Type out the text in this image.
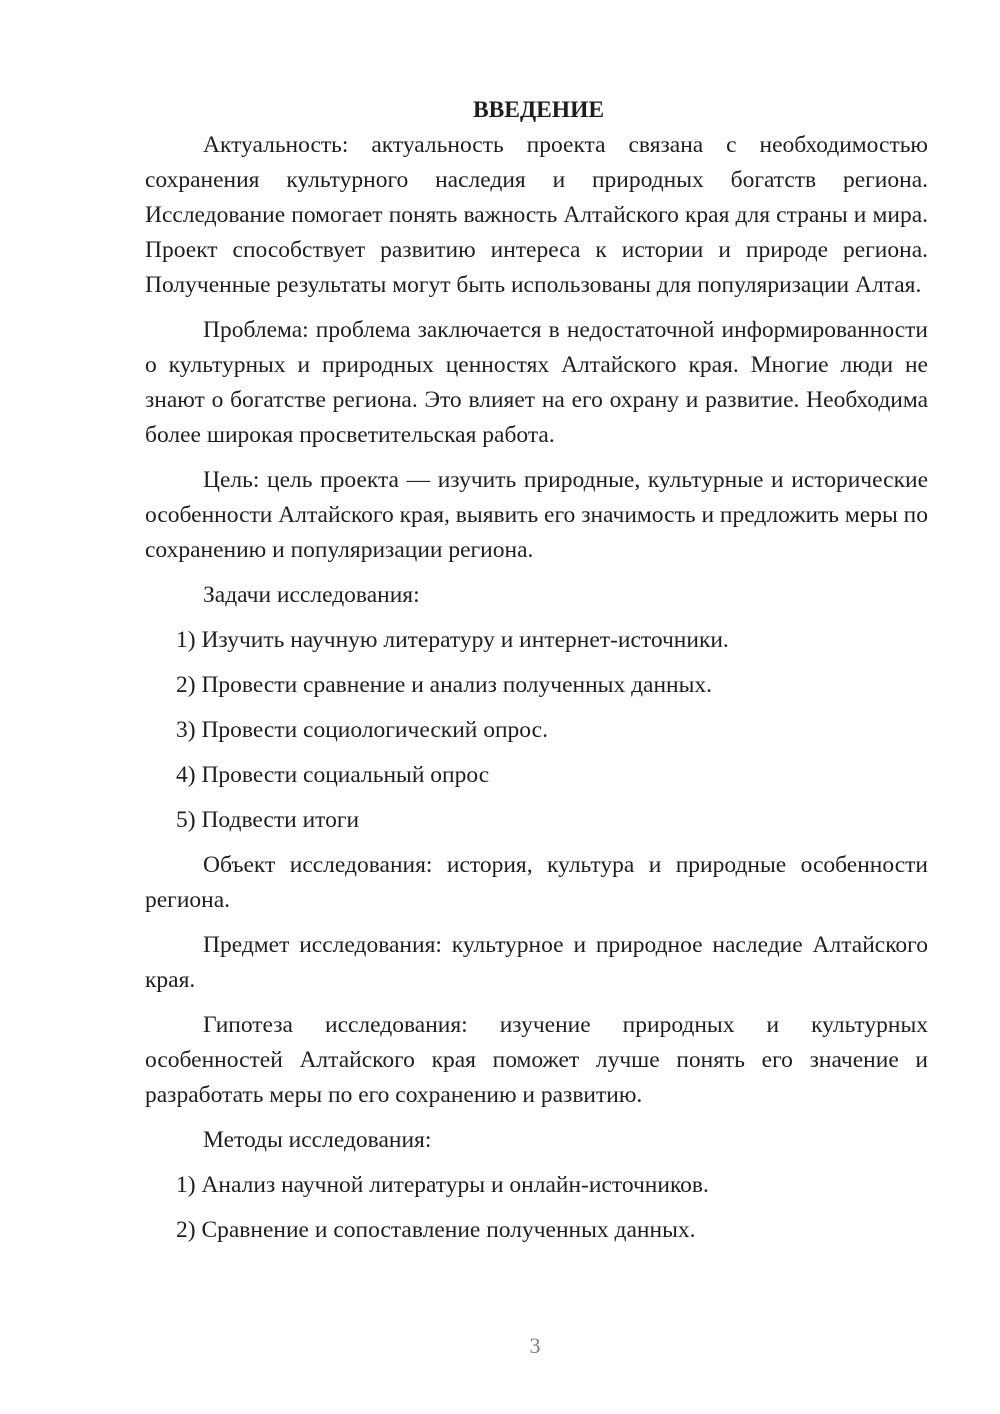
ВВЕДЕНИЕ

Актуальность: актуальность проекта связана с необходимостью сохранения культурного наследия и природных богатств региона. Исследование помогает понять важность Алтайского края для страны и мира. Проект способствует развитию интереса к истории и природе региона. Полученные результаты могут быть использованы для популяризации Алтая.

Проблема: проблема заключается в недостаточной информированности о культурных и природных ценностях Алтайского края. Многие люди не знают о богатстве региона. Это влияет на его охрану и развитие. Необходима более широкая просветительская работа.

Цель: цель проекта — изучить природные, культурные и исторические особенности Алтайского края, выявить его значимость и предложить меры по сохранению и популяризации региона.

Задачи исследования:

1) Изучить научную литературу и интернет-источники.
2) Провести сравнение и анализ полученных данных.
3) Провести социологический опрос.
4) Провести социальный опрос
5) Подвести итоги

Объект исследования: история, культура и природные особенности региона.

Предмет исследования: культурное и природное наследие Алтайского края.

Гипотеза исследования: изучение природных и культурных особенностей Алтайского края поможет лучше понять его значение и разработать меры по его сохранению и развитию.

Методы исследования:

1) Анализ научной литературы и онлайн-источников.
2) Сравнение и сопоставление полученных данных.
3
